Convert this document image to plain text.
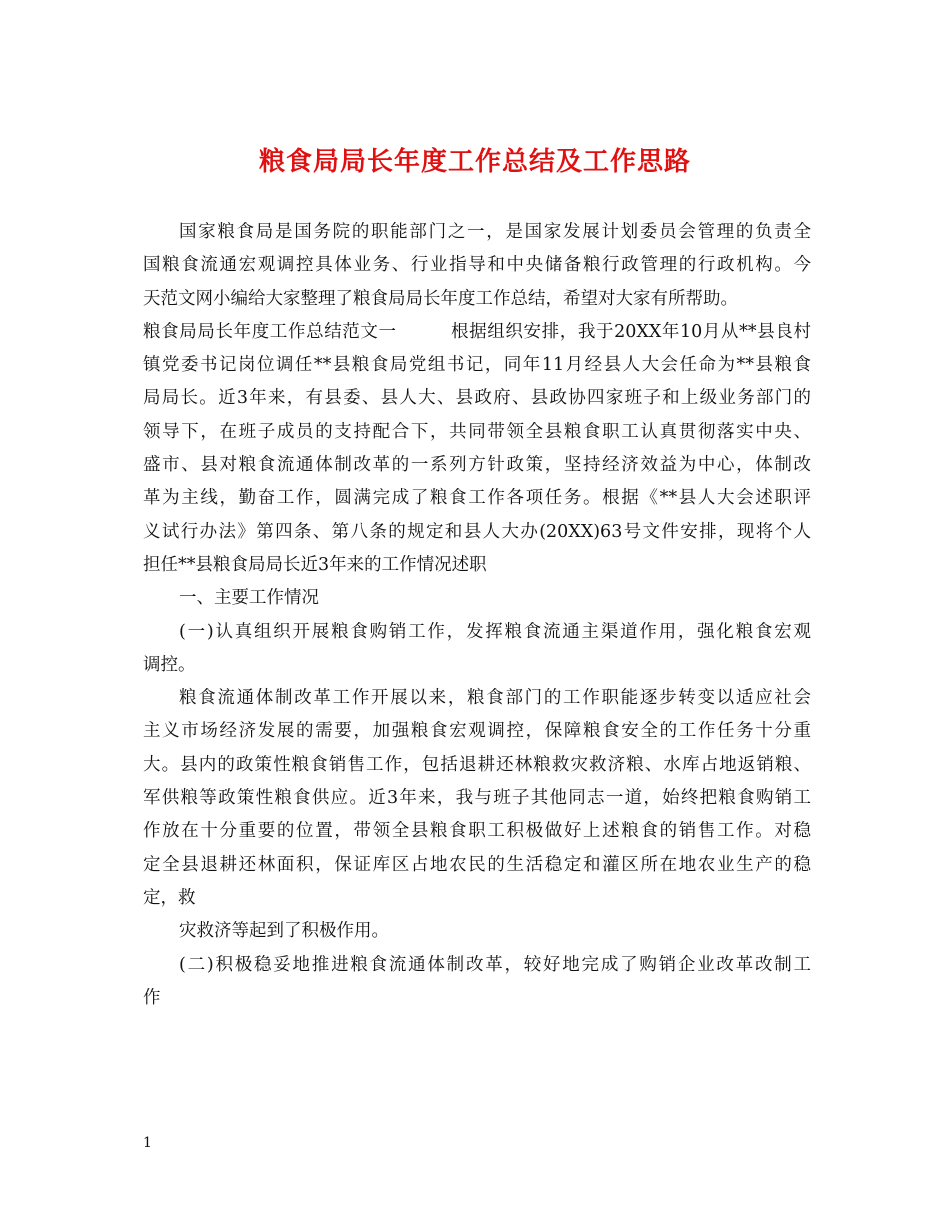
粮食局局长年度工作总结及工作思路
国家粮食局是国务院的职能部门之一，是国家发展计划委员会管理的负责全
国粮食流通宏观调控具体业务、行业指导和中央储备粮行政管理的行政机构。今
天范文网小编给大家整理了粮食局局长年度工作总结，希望对大家有所帮助。
粮食局局长年度工作总结范文一　　　根据组织安排，我于20XX年10月从**县良村
镇党委书记岗位调任**县粮食局党组书记，同年11月经县人大会任命为**县粮食
局局长。近3年来，有县委、县人大、县政府、县政协四家班子和上级业务部门的
领导下，在班子成员的支持配合下，共同带领全县粮食职工认真贯彻落实中央、
盛市、县对粮食流通体制改革的一系列方针政策，坚持经济效益为中心，体制改
革为主线，勤奋工作，圆满完成了粮食工作各项任务。根据《**县人大会述职评
义试行办法》第四条、第八条的规定和县人大办(20XX)63号文件安排，现将个人
担任**县粮食局局长近3年来的工作情况述职
一、主要工作情况
(一)认真组织开展粮食购销工作，发挥粮食流通主渠道作用，强化粮食宏观
调控。
粮食流通体制改革工作开展以来，粮食部门的工作职能逐步转变以适应社会
主义市场经济发展的需要，加强粮食宏观调控，保障粮食安全的工作任务十分重
大。县内的政策性粮食销售工作，包括退耕还林粮救灾救济粮、水库占地返销粮、
军供粮等政策性粮食供应。近3年来，我与班子其他同志一道，始终把粮食购销工
作放在十分重要的位置，带领全县粮食职工积极做好上述粮食的销售工作。对稳
定全县退耕还林面积，保证库区占地农民的生活稳定和灌区所在地农业生产的稳
定，救
灾救济等起到了积极作用。
(二)积极稳妥地推进粮食流通体制改革，较好地完成了购销企业改革改制工
作
1
